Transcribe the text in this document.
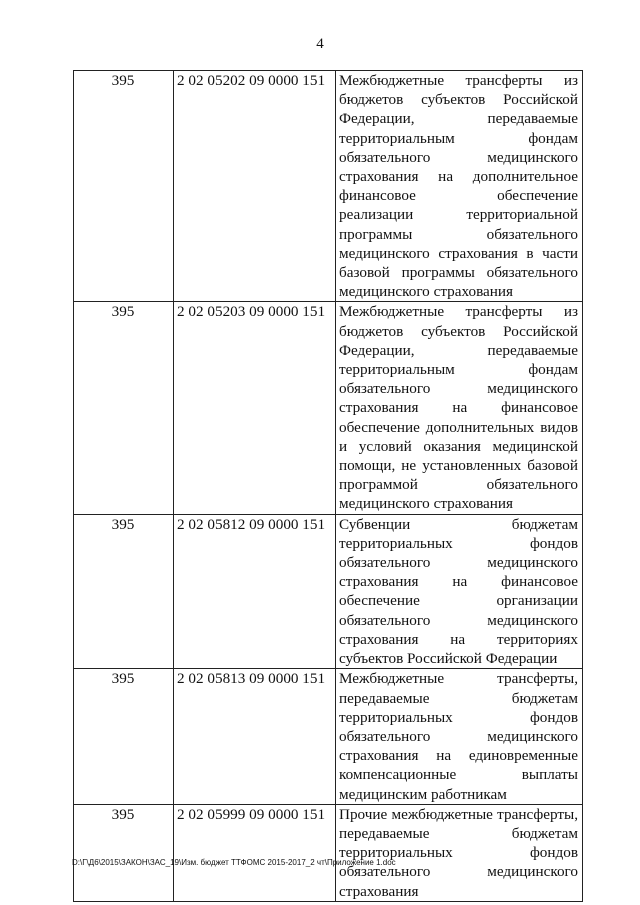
4
395	2 02 05202 09 0000 151	Межбюджетные трансферты из бюджетов субъектов Российской Федерации, передаваемые территориальным фондам обязательного медицинского страхования на дополнительное финансовое обеспечение реализации территориальной программы обязательного медицинского страхования в части базовой программы обязательного медицинского страхования
395	2 02 05203 09 0000 151	Межбюджетные трансферты из бюджетов субъектов Российской Федерации, передаваемые территориальным фондам обязательного медицинского страхования на финансовое обеспечение дополнительных видов и условий оказания медицинской помощи, не установленных базовой программой обязательного медицинского страхования
395	2 02 05812 09 0000 151	Субвенции бюджетам территориальных фондов обязательного медицинского страхования на финансовое обеспечение организации обязательного медицинского страхования на территориях субъектов Российской Федерации
395	2 02 05813 09 0000 151	Межбюджетные трансферты, передаваемые бюджетам территориальных фондов обязательного медицинского страхования на единовременные компенсационные выплаты медицинским работникам
395	2 02 05999 09 0000 151	Прочие межбюджетные трансферты, передаваемые бюджетам территориальных фондов обязательного медицинского страхования
D:\Г\Д6\2015\ЗАКОН\ЗАС_19\Изм. бюджет ТТФОМС 2015-2017_2 чт\Приложение 1.doc
